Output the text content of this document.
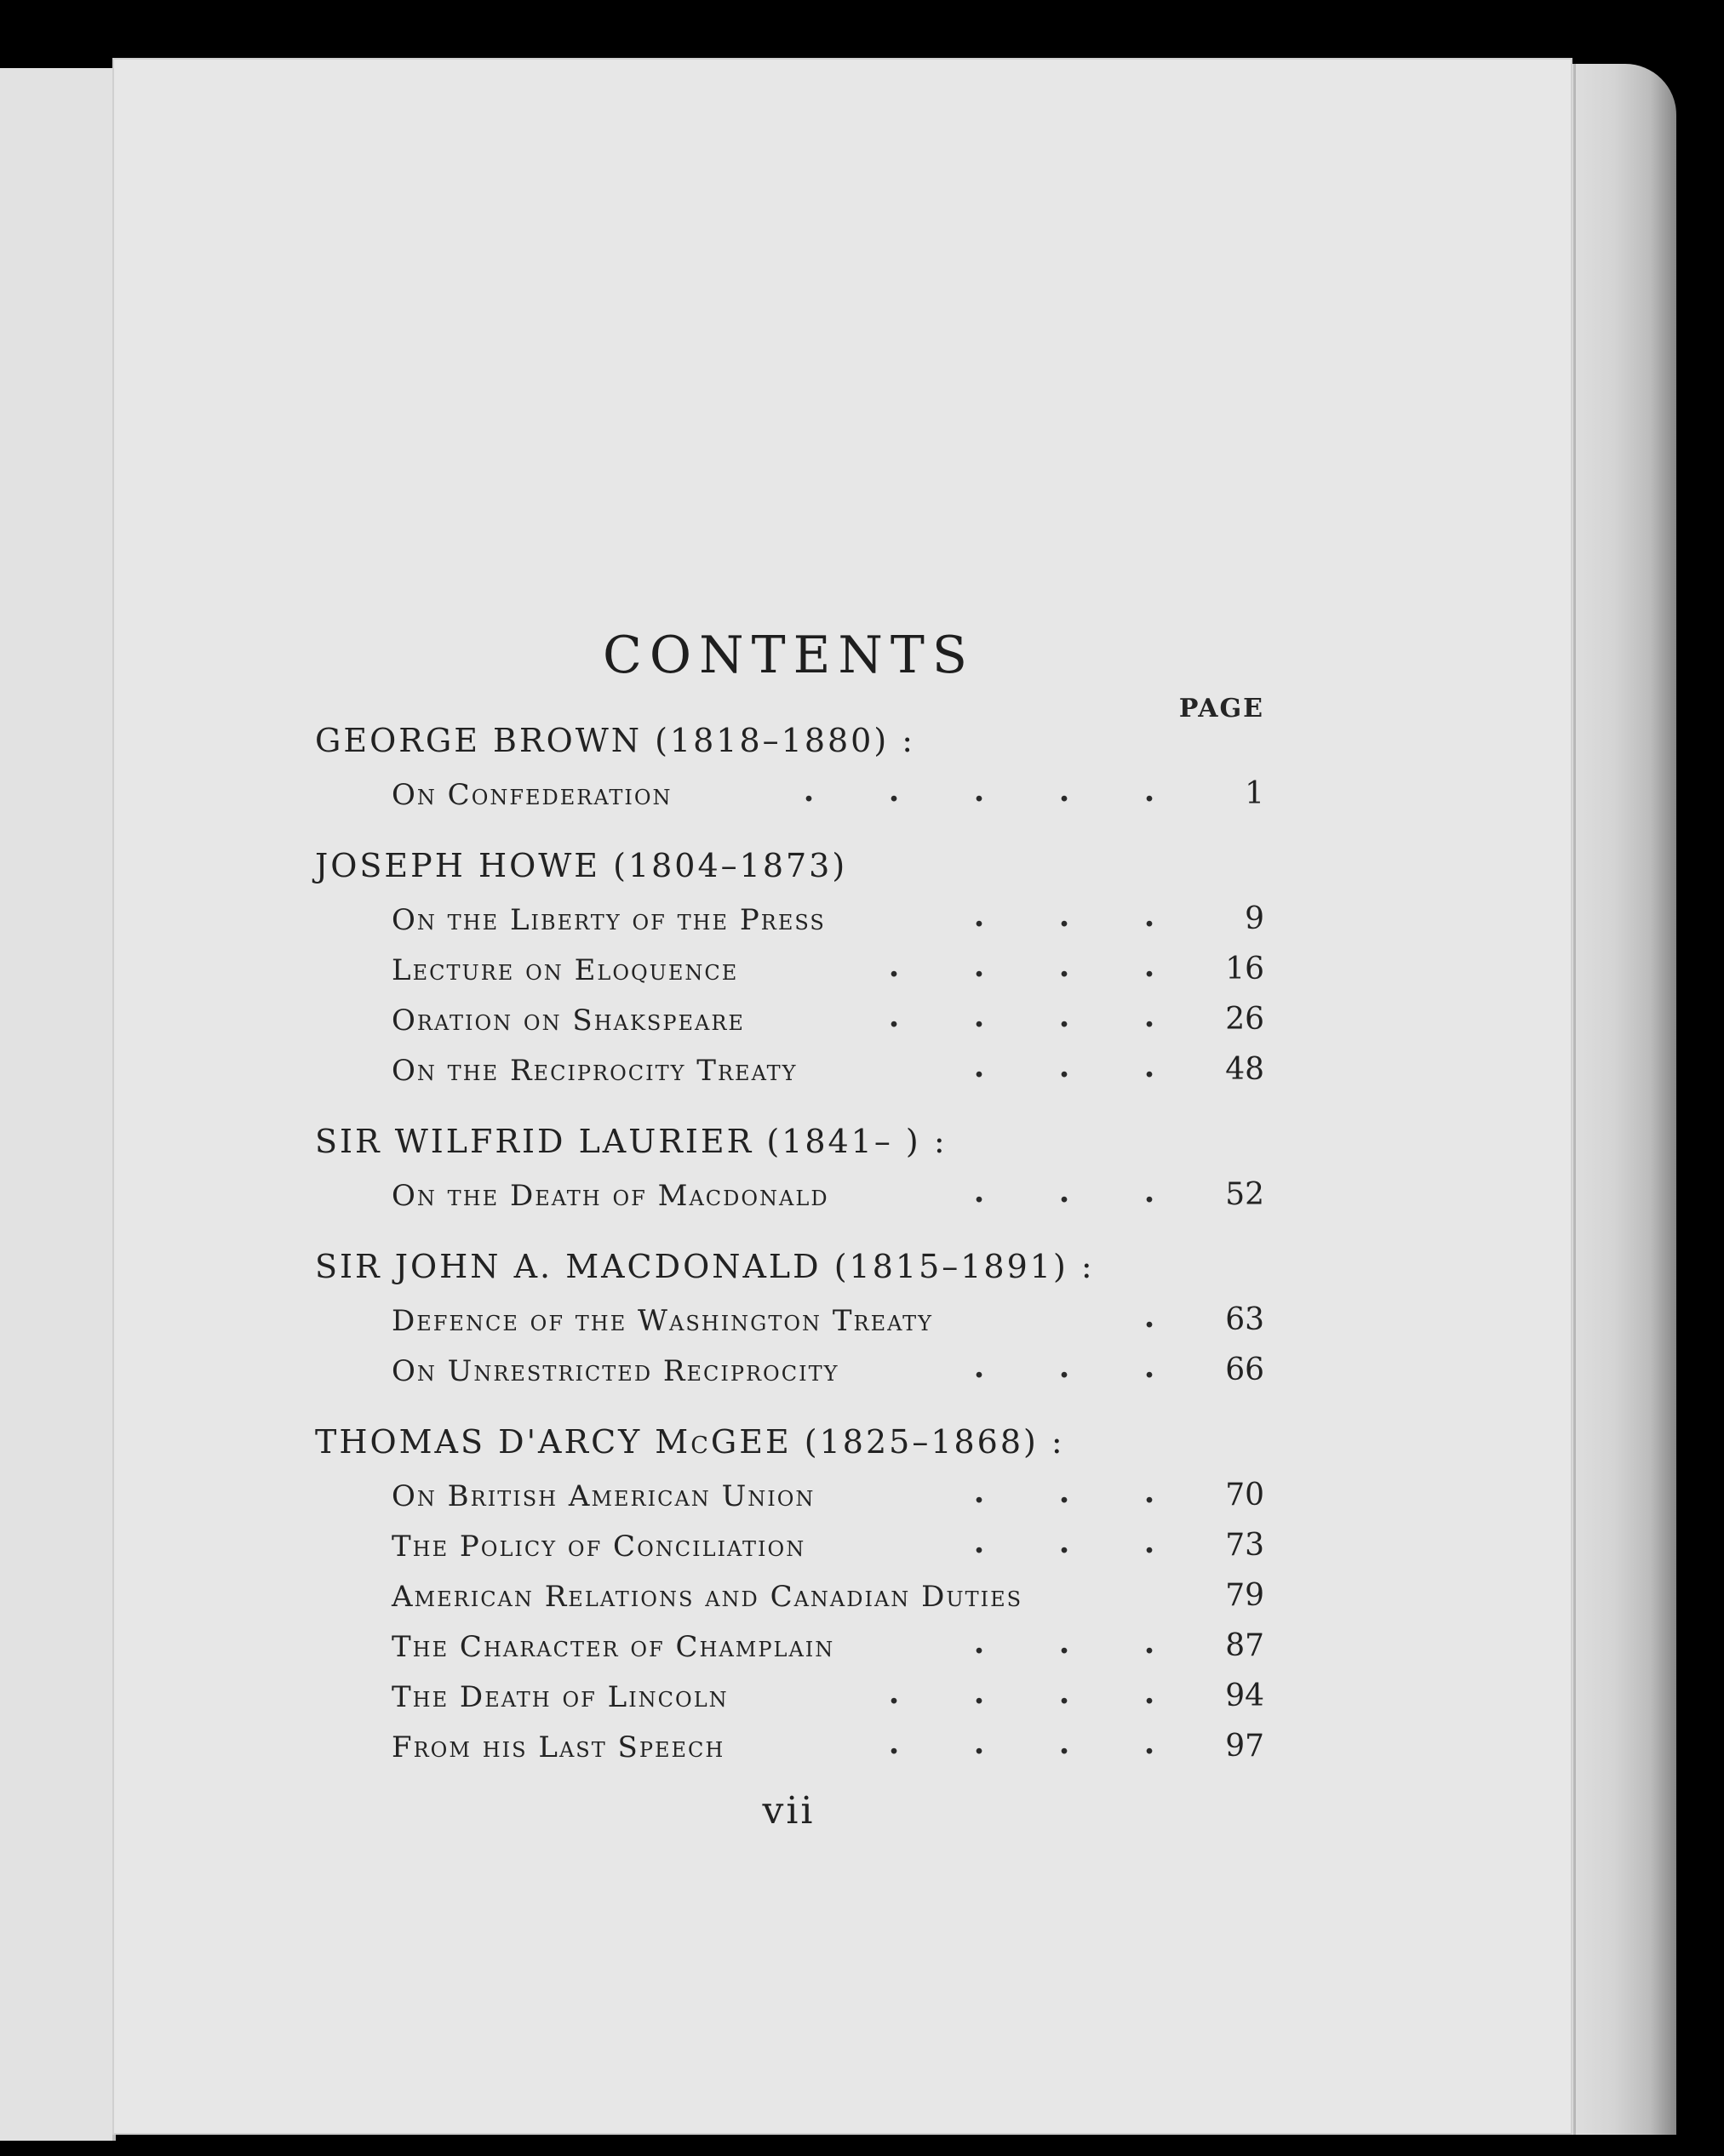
CONTENTS
PAGE
GEORGE BROWN (1818–1880) :
On Confederation	. . . . .	1
JOSEPH HOWE (1804–1873)
On the Liberty of the Press	. . .	9
Lecture on Eloquence	. . . .	16
Oration on Shakspeare	. . . .	26
On the Reciprocity Treaty	. . .	48
SIR WILFRID LAURIER (1841– ) :
On the Death of Macdonald	. . .	52
SIR JOHN A. MACDONALD (1815–1891) :
Defence of the Washington Treaty	.	63
On Unrestricted Reciprocity	. . .	66
THOMAS D'ARCY McGEE (1825–1868) :
On British American Union	. . .	70
The Policy of Conciliation	. . .	73
American Relations and Canadian Duties	79
The Character of Champlain	. . .	87
The Death of Lincoln	. . . .	94
From his Last Speech	. . . .	97
vii
